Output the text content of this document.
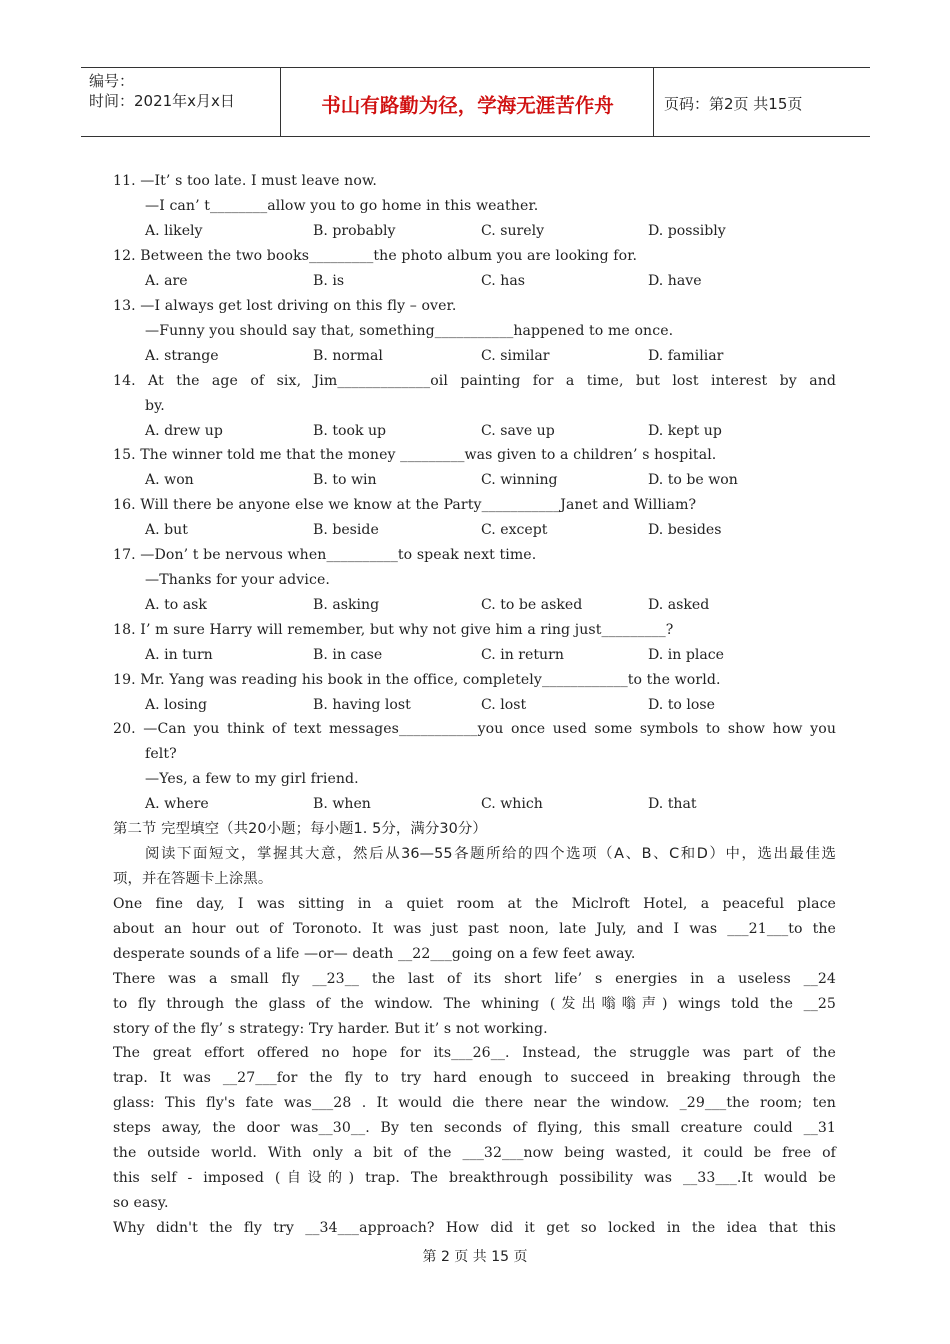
编号：
时间：2021年x月x日	书山有路勤为径，学海无涯苦作舟	页码：第2页 共15页
11. —It’ s too late. I must leave now.
—I can’ t________allow you to go home in this weather.
A. likely	B. probably	C. surely	D. possibly
12. Between the two books_________the photo album you are looking for.
A. are	B. is	C. has	D. have
13. —I always get lost driving on this fly – over.
—Funny you should say that, something___________happened to me once.
A. strange	B. normal	C. similar	D. familiar
14. At the age of six, Jim_____________oil painting for a time, but lost interest by and
by.
A. drew up	B. took up	C. save up	D. kept up
15. The winner told me that the money _________was given to a children’ s hospital.
A. won	B. to win	C. winning	D. to be won
16. Will there be anyone else we know at the Party___________Janet and William?
A. but	B. beside	C. except	D. besides
17. —Don’ t be nervous when__________to speak next time.
—Thanks for your advice.
A. to ask	B. asking	C. to be asked	D. asked
18. I’ m sure Harry will remember, but why not give him a ring just_________?
A. in turn	B. in case	C. in return	D. in place
19. Mr. Yang was reading his book in the office, completely____________to the world.
A. losing	B. having lost	C. lost	D. to lose
20. —Can you think of text messages___________you once used some symbols to show how you
felt?
—Yes, a few to my girl friend.
A. where	B. when	C. which	D. that
第二节 完型填空（共20小题；每小题1. 5分，满分30分）
阅读下面短文，掌握其大意，然后从36—55各题所给的四个选项（A、B、C和D）中，选出最佳选
项，并在答题卡上涂黑。
One fine day, I was sitting in a quiet room at the Miclroft Hotel, a peaceful place
about an hour out of Toronoto. It was just past noon, late July, and I was ___21___to the
desperate sounds of a life —or— death __22___going on a few feet away.
There was a small fly __23__ the last of its short life’ s energies in a useless __24
to fly through the glass of the window. The whining (发出嗡嗡声) wings told the __25
story of the fly’ s strategy: Try harder. But it’ s not working.
The great effort offered no hope for its___26__. Instead, the struggle was part of the
trap. It was __27___for the fly to try hard enough to succeed in breaking through the
glass: This fly's fate was___28 . It would die there near the window. _29___the room; ten
steps away, the door was__30__. By ten seconds of flying, this small creature could __31
the outside world. With only a bit of the ___32___now being wasted, it could be free of
this self - imposed (自设的) trap. The breakthrough possibility was __33___.It would be
so easy.
Why didn't the fly try __34___approach? How did it get so locked in the idea that this
第 2 页 共 15 页
